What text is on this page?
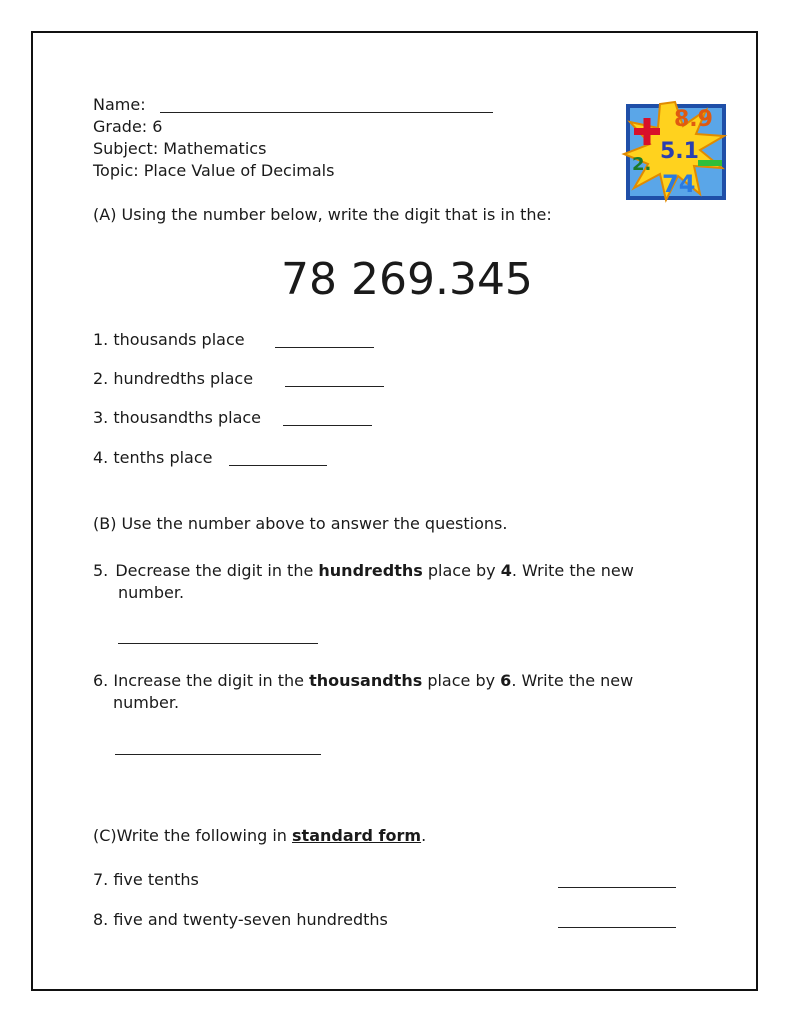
Name:
Grade: 6
Subject: Mathematics
Topic: Place Value of Decimals
8.9
5.1
2.
74
(A) Using the number below, write the digit that is in the:
78 269.345
1. thousands place
2. hundredths place
3. thousandths place
4. tenths place
(B) Use the number above to answer the questions.
5. Decrease the digit in the hundredths place by 4. Write the new
number.
6. Increase the digit in the thousandths place by 6. Write the new
number.
(C)Write the following in standard form.
7. five tenths
8. five and twenty-seven hundredths
